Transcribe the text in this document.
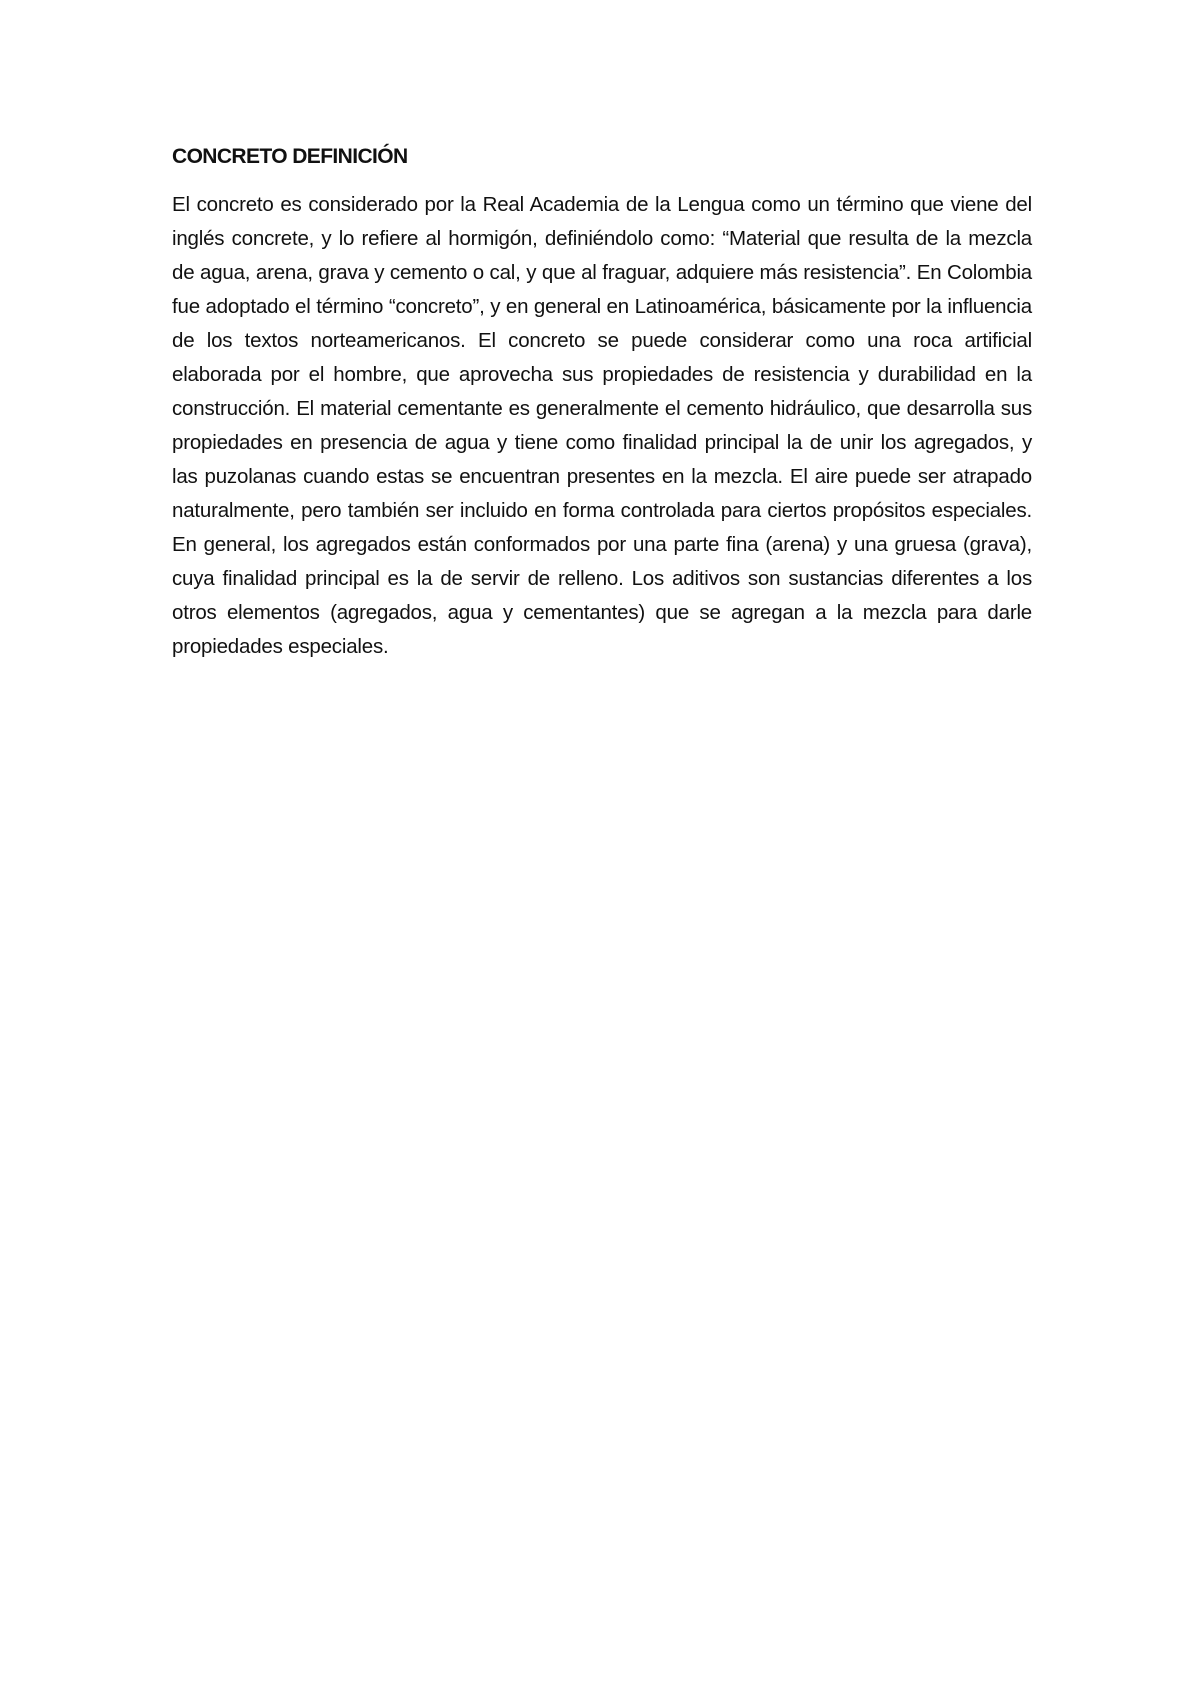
CONCRETO DEFINICIÓN

El concreto es considerado por la Real Academia de la Lengua como un término que viene del inglés concrete, y lo refiere al hormigón, definiéndolo como: “Material que resulta de la mezcla de agua, arena, grava y cemento o cal, y que al fraguar, adquiere más resistencia”. En Colombia fue adoptado el término “concreto”, y en general en Latinoamérica, básicamente por la influencia de los textos norteamericanos. El concreto se puede considerar como una roca artificial elaborada por el hombre, que aprovecha sus propiedades de resistencia y durabilidad en la construcción. El material cementante es generalmente el cemento hidráulico, que desarrolla sus propiedades en presencia de agua y tiene como finalidad principal la de unir los agregados, y las puzolanas cuando estas se encuentran presentes en la mezcla. El aire puede ser atrapado naturalmente, pero también ser incluido en forma controlada para ciertos propósitos especiales. En general, los agregados están conformados por una parte fina (arena) y una gruesa (grava), cuya finalidad principal es la de servir de relleno. Los aditivos son sustancias diferentes a los otros elementos (agregados, agua y cementantes) que se agregan a la mezcla para darle propiedades especiales.
